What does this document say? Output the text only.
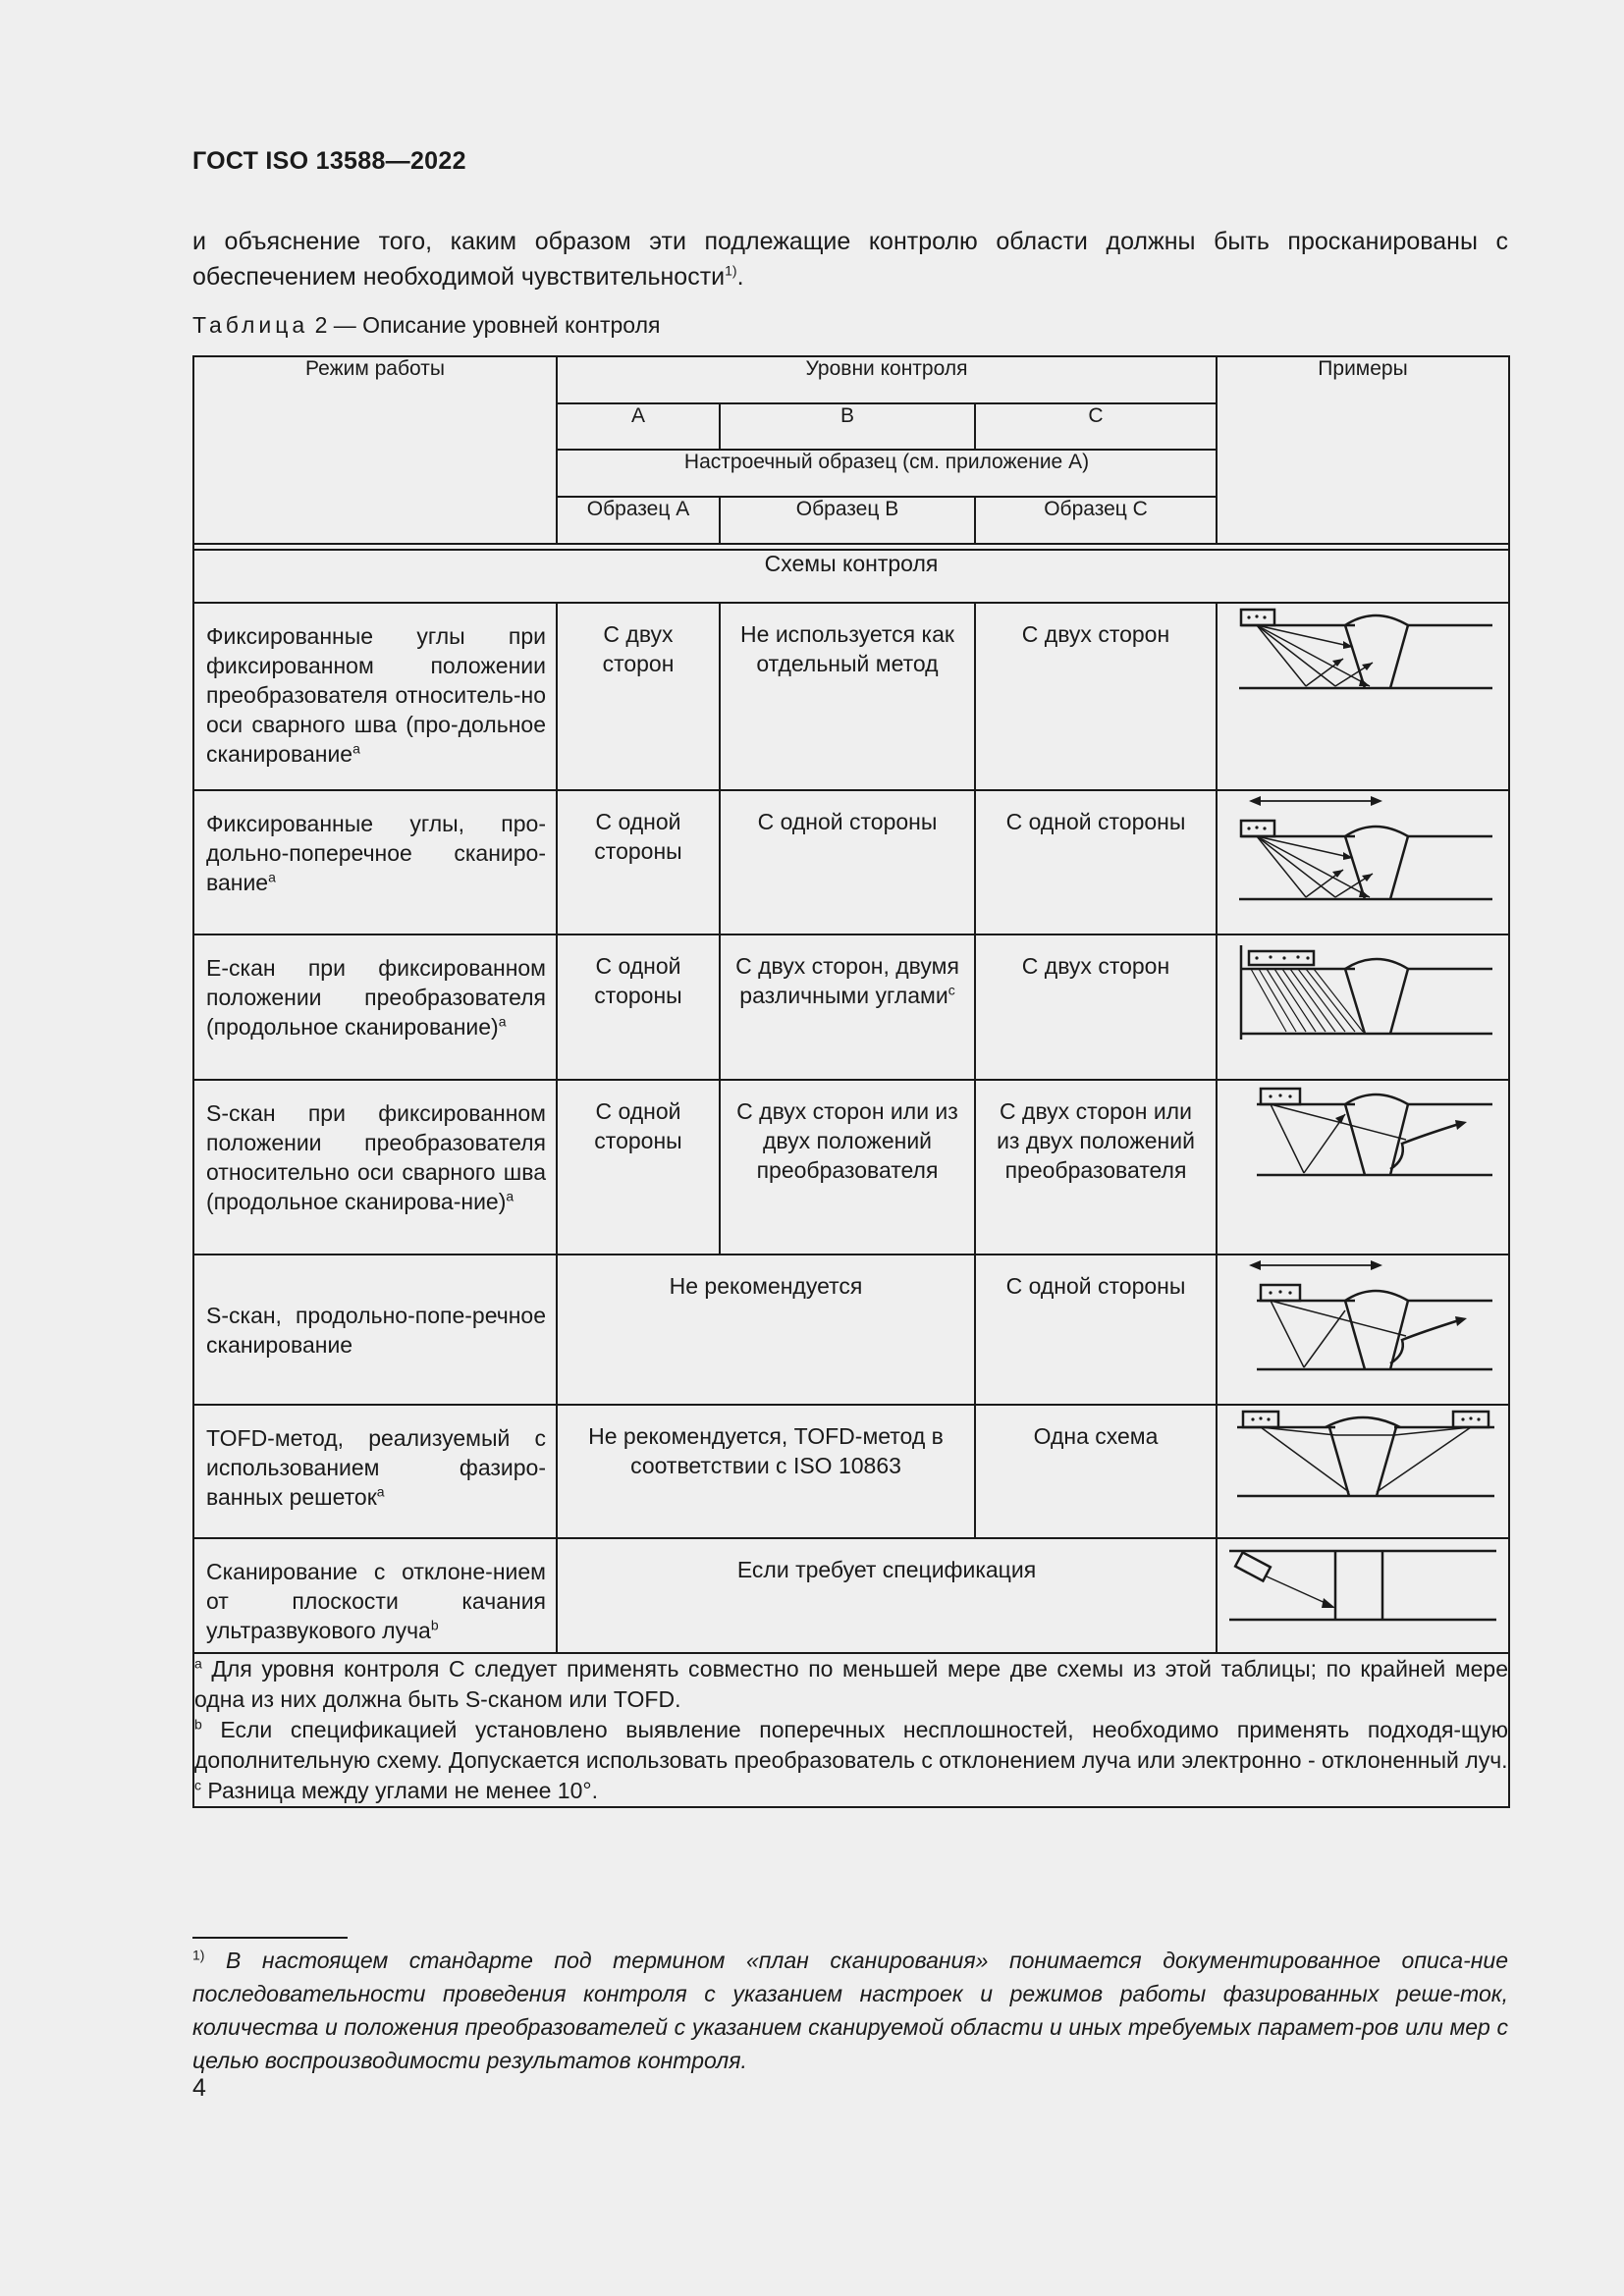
ГОСТ ISO 13588—2022
и объяснение того, каким образом эти подлежащие контролю области должны быть просканированы с обеспечением необходимой чувствительности$^{1)}$.
Таблица 2 — Описание уровней контроля
Режим работы	Уровни контроля			Примеры
	A	B	C	
	Настроечный образец (см. приложение А)			
	Образец А	Образец В	Образец С	

Схемы контроля				

Фиксированные углы при фиксированном положении преобразователя относитель-но оси сварного шва (про-дольное сканирование$^a$	С двух сторон	Не используется как отдельный метод	С двух сторон

Фиксированные углы, про-дольно-поперечное сканиро-вание$^a$	С одной стороны	С одной стороны	С одной стороны

Е-скан при фиксированном положении преобразователя (продольное сканирование)$^a$	С одной стороны	С двух сторон, двумя различными углами$^c$	С двух сторон

S-скан при фиксированном положении преобразователя относительно оси сварного шва (продольное сканирова-ние)$^a$	С одной стороны	С двух сторон или из двух положений преобразователя	С двух сторон или из двух положений преобразователя

S-скан, продольно-попе-речное сканирование	Не рекомендуется		С одной стороны

TOFD-метод, реализуемый с использованием фазиро-ванных решеток$^a$	Не рекомендуется, TOFD-метод в соответствии с ISO 10863		Одна схема

Сканирование с отклоне-нием от плоскости качания ультразвукового луча$^b$	Если требует спецификация

$^a$ Для уровня контроля С следует применять совместно по меньшей мере две схемы из этой таблицы; по крайней мере одна из них должна быть S-сканом или TOFD.

$^b$ Если спецификацией установлено выявление поперечных несплошностей, необходимо применять подходя-щую дополнительную схему. Допускается использовать преобразователь с отклонением луча или электронно - отклоненный луч.

$^c$ Разница между углами не менее 10°.				

$^{1)}$ В настоящем стандарте под термином «план сканирования» понимается документированное описа-ние последовательности проведения контроля с указанием настроек и режимов работы фазированных реше-ток, количества и положения преобразователей с указанием сканируемой области и иных требуемых парамет-ров или мер с целью воспроизводимости результатов контроля.
4
